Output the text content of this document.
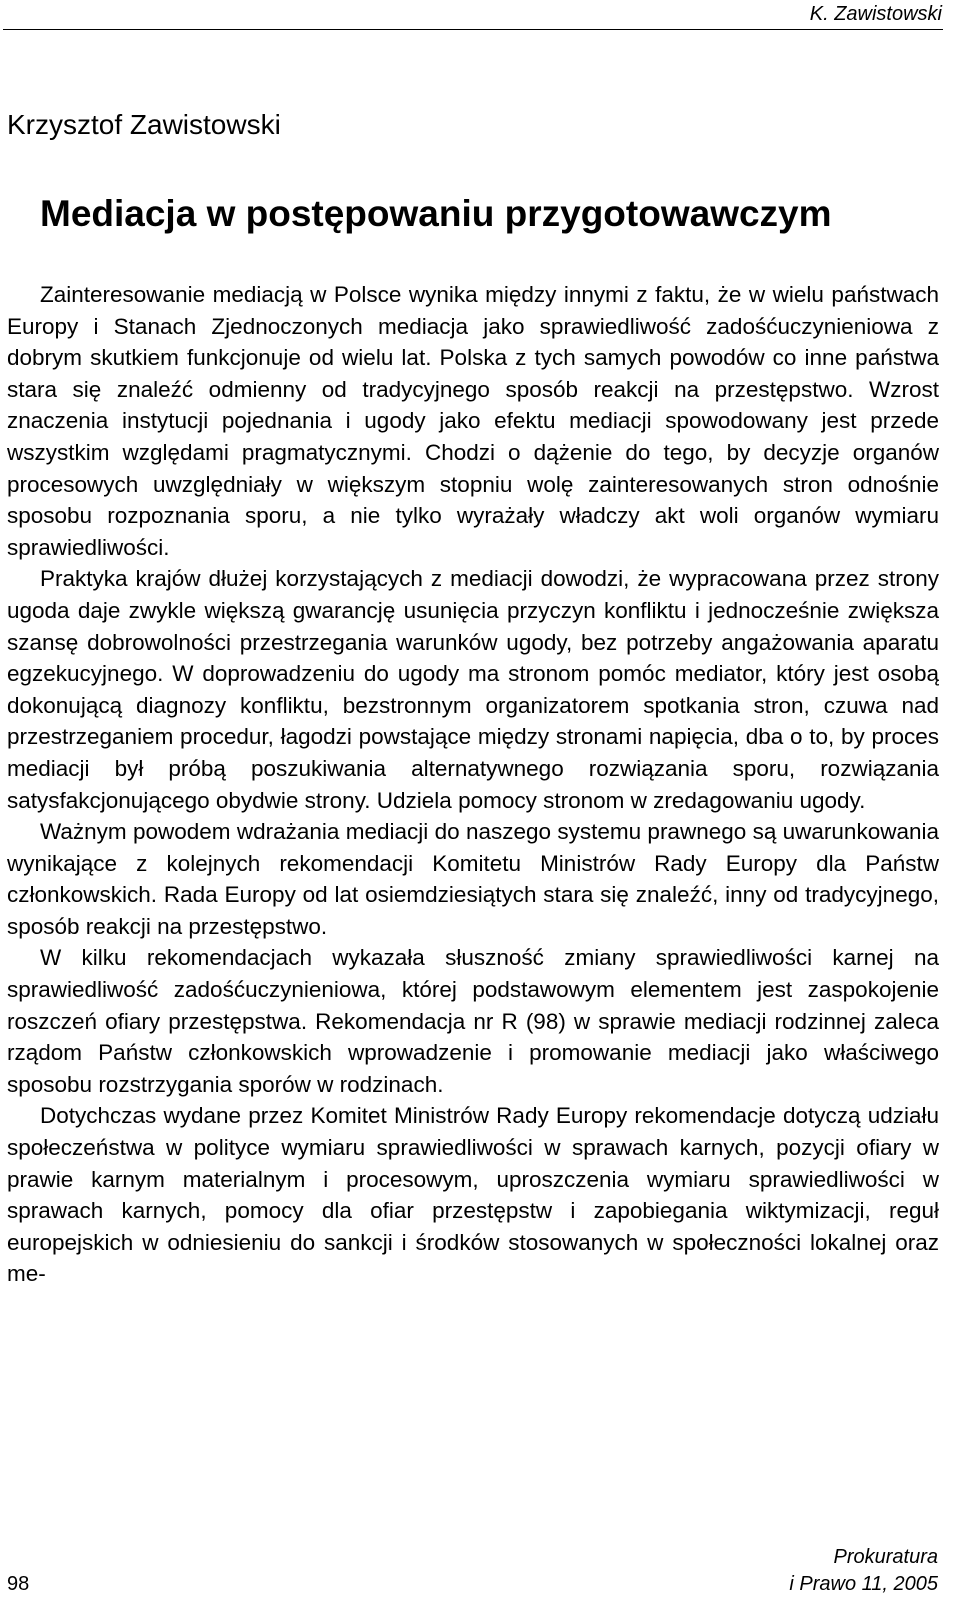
K. Zawistowski
Krzysztof Zawistowski
Mediacja w postępowaniu przygotowawczym

Zainteresowanie mediacją w Polsce wynika między innymi z faktu, że w wielu państwach Europy i Stanach Zjednoczonych mediacja jako sprawiedliwość zadośćuczynieniowa z dobrym skutkiem funkcjonuje od wielu lat. Polska z tych samych powodów co inne państwa stara się znaleźć odmienny od tradycyjnego sposób reakcji na przestępstwo. Wzrost znaczenia instytucji pojednania i ugody jako efektu mediacji spowodowany jest przede wszystkim względami pragmatycznymi. Chodzi o dążenie do tego, by decyzje organów procesowych uwzględniały w większym stopniu wolę zainteresowanych stron odnośnie sposobu rozpoznania sporu, a nie tylko wyrażały władczy akt woli organów wymiaru sprawiedliwości.

Praktyka krajów dłużej korzystających z mediacji dowodzi, że wypracowana przez strony ugoda daje zwykle większą gwarancję usunięcia przyczyn konfliktu i jednocześnie zwiększa szansę dobrowolności przestrzegania warunków ugody, bez potrzeby angażowania aparatu egzekucyjnego. W doprowadzeniu do ugody ma stronom pomóc mediator, który jest osobą dokonującą diagnozy konfliktu, bezstronnym organizatorem spotkania stron, czuwa nad przestrzeganiem procedur, łagodzi powstające między stronami napięcia, dba o to, by proces mediacji był próbą poszukiwania alternatywnego rozwiązania sporu, rozwiązania satysfakcjonującego obydwie strony. Udziela pomocy stronom w zredagowaniu ugody.

Ważnym powodem wdrażania mediacji do naszego systemu prawnego są uwarunkowania wynikające z kolejnych rekomendacji Komitetu Ministrów Rady Europy dla Państw członkowskich. Rada Europy od lat osiemdziesiątych stara się znaleźć, inny od tradycyjnego, sposób reakcji na przestępstwo.

W kilku rekomendacjach wykazała słuszność zmiany sprawiedliwości karnej na sprawiedliwość zadośćuczynieniowa, której podstawowym elementem jest zaspokojenie roszczeń ofiary przestępstwa. Rekomendacja nr R (98) w sprawie mediacji rodzinnej zaleca rządom Państw członkowskich wprowadzenie i promowanie mediacji jako właściwego sposobu rozstrzygania sporów w rodzinach.

Dotychczas wydane przez Komitet Ministrów Rady Europy rekomendacje dotyczą udziału społeczeństwa w polityce wymiaru sprawiedliwości w sprawach karnych, pozycji ofiary w prawie karnym materialnym i procesowym, uproszczenia wymiaru sprawiedliwości w sprawach karnych, pomocy dla ofiar przestępstw i zapobiegania wiktymizacji, reguł europejskich w odniesieniu do sankcji i środków stosowanych w społeczności lokalnej oraz me-

98
Prokuratura
i Prawo 11, 2005
